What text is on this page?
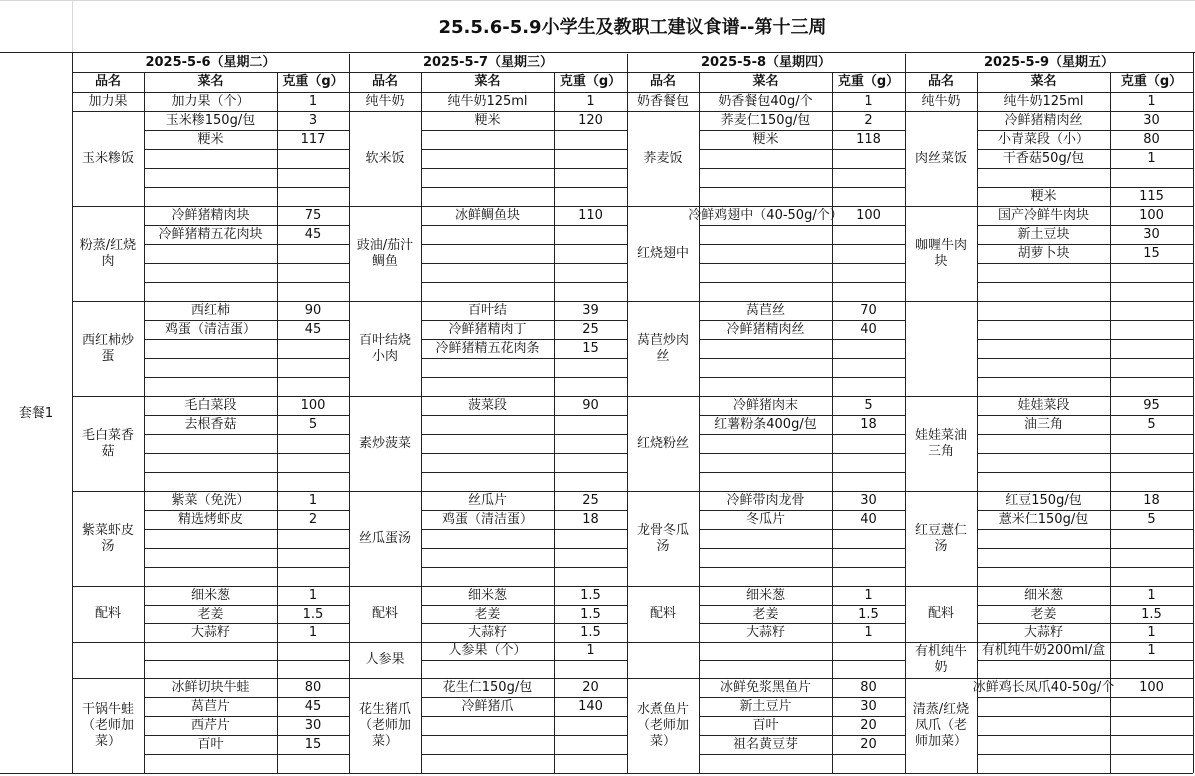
25.5.6-5.9小学生及教职工建议食谱--第十三周
套餐1
2025-5-6（星期二）
品名	菜名	克重（g）
加力果	加力果（个）	1
玉米糁饭
玉米糁150g/包	3
粳米	117
粉蒸/红烧肉
冷鲜猪精肉块	75
冷鲜猪精五花肉块	45
西红柿炒蛋
西红柿	90
鸡蛋（清洁蛋）	45
毛白菜香菇
毛白菜段	100
去根香菇	5
紫菜虾皮汤
紫菜（免洗）	1
精选烤虾皮	2
配料
细米葱	1
老姜	1.5
大蒜籽	1
干锅牛蛙（老师加菜）
冰鲜切块牛蛙	80
莴苣片	45
西芹片	30
百叶	15
2025-5-7（星期三）
品名	菜名	克重（g）
纯牛奶	纯牛奶125ml	1
软米饭
粳米	120
豉油/茄汁鲷鱼
冰鲜鲷鱼块	110
百叶结烧小肉
百叶结	39
冷鲜猪精肉丁	25
冷鲜猪精五花肉条	15
素炒菠菜
菠菜段	90
丝瓜蛋汤
丝瓜片	25
鸡蛋（清洁蛋）	18
配料
细米葱	1.5
老姜	1.5
大蒜籽	1.5
人参果
人参果（个）	1
花生猪爪（老师加菜）
花生仁150g/包	20
冷鲜猪爪	140
2025-5-8（星期四）
品名	菜名	克重（g）
奶香餐包	奶香餐包40g/个	1
荞麦饭
荞麦仁150g/包	2
粳米	118
红烧翅中
冷鲜鸡翅中（40-50g/个）	100
莴苣炒肉丝
莴苣丝	70
冷鲜猪精肉丝	40
红烧粉丝
冷鲜猪肉末	5
红薯粉条400g/包	18
龙骨冬瓜汤
冷鲜带肉龙骨	30
冬瓜片	40
配料
细米葱	1
老姜	1.5
大蒜籽	1
水煮鱼片（老师加菜）
冰鲜免浆黑鱼片	80
新土豆片	30
百叶	20
祖名黄豆芽	20
2025-5-9（星期五）
品名	菜名	克重（g）
纯牛奶	纯牛奶125ml	1
肉丝菜饭
冷鲜猪精肉丝	30
小青菜段（小）	80
干香菇50g/包	1
粳米	115
咖喱牛肉块
国产冷鲜牛肉块	100
新土豆块	30
胡萝卜块	15
娃娃菜油三角
娃娃菜段	95
油三角	5
红豆薏仁汤
红豆150g/包	18
薏米仁150g/包	5
配料
细米葱	1
老姜	1.5
大蒜籽	1
有机纯牛奶
有机纯牛奶200ml/盒	1
清蒸/红烧凤爪（老师加菜）
冰鲜鸡长凤爪40-50g/个	100
